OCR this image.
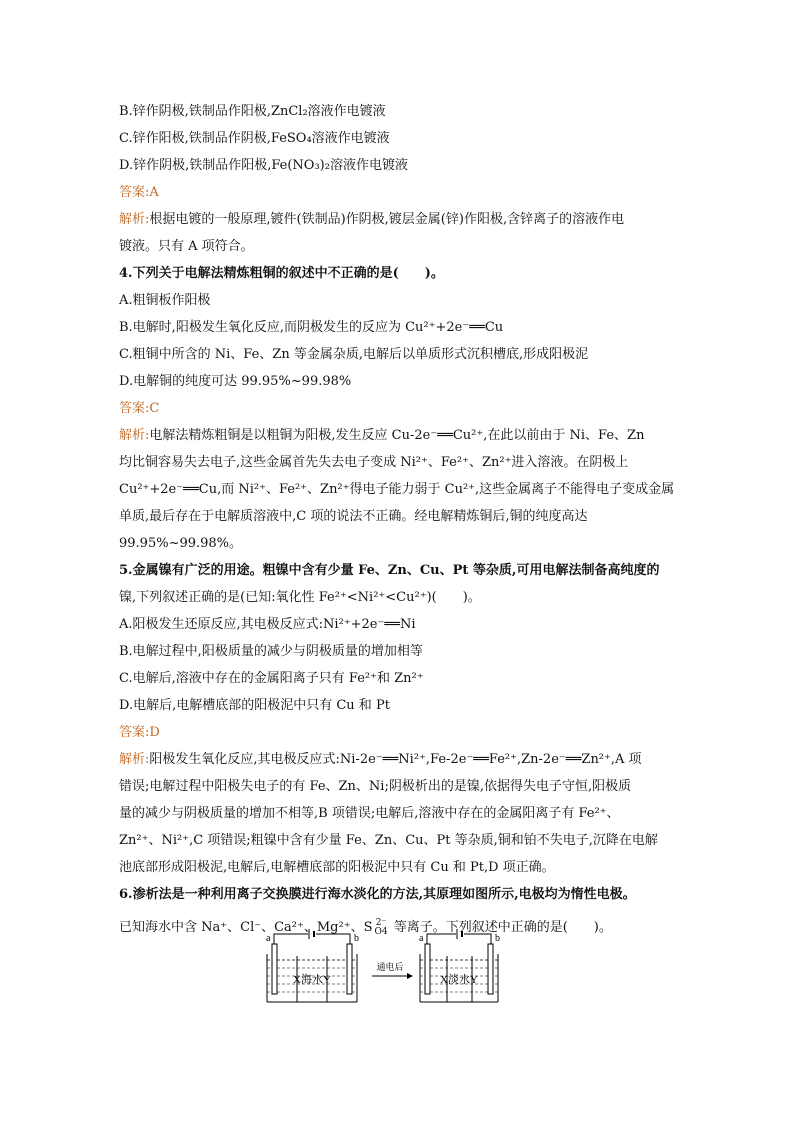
B.锌作阴极,铁制品作阳极,ZnCl₂溶液作电镀液
C.锌作阳极,铁制品作阴极,FeSO₄溶液作电镀液
D.锌作阴极,铁制品作阳极,Fe(NO₃)₂溶液作电镀液
答案:A
解析:根据电镀的一般原理,镀件(铁制品)作阴极,镀层金属(锌)作阳极,含锌离子的溶液作电
镀液。只有 A 项符合。
4.下列关于电解法精炼粗铜的叙述中不正确的是(　　)。
A.粗铜板作阳极
B.电解时,阳极发生氧化反应,而阴极发生的反应为 Cu²⁺+2e⁻══Cu
C.粗铜中所含的 Ni、Fe、Zn 等金属杂质,电解后以单质形式沉积槽底,形成阳极泥
D.电解铜的纯度可达 99.95%~99.98%
答案:C
解析:电解法精炼粗铜是以粗铜为阳极,发生反应 Cu-2e⁻══Cu²⁺,在此以前由于 Ni、Fe、Zn
均比铜容易失去电子,这些金属首先失去电子变成 Ni²⁺、Fe²⁺、Zn²⁺进入溶液。在阴极上
Cu²⁺+2e⁻══Cu,而 Ni²⁺、Fe²⁺、Zn²⁺得电子能力弱于 Cu²⁺,这些金属离子不能得电子变成金属
单质,最后存在于电解质溶液中,C 项的说法不正确。经电解精炼铜后,铜的纯度高达
99.95%~99.98%。
5.金属镍有广泛的用途。粗镍中含有少量 Fe、Zn、Cu、Pt 等杂质,可用电解法制备高纯度的
镍,下列叙述正确的是(已知:氧化性 Fe²⁺<Ni²⁺<Cu²⁺)(　　)。
A.阳极发生还原反应,其电极反应式:Ni²⁺+2e⁻══Ni
B.电解过程中,阳极质量的减少与阴极质量的增加相等
C.电解后,溶液中存在的金属阳离子只有 Fe²⁺和 Zn²⁺
D.电解后,电解槽底部的阳极泥中只有 Cu 和 Pt
答案:D
解析:阳极发生氧化反应,其电极反应式:Ni-2e⁻══Ni²⁺,Fe-2e⁻══Fe²⁺,Zn-2e⁻══Zn²⁺,A 项
错误;电解过程中阳极失电子的有 Fe、Zn、Ni;阴极析出的是镍,依据得失电子守恒,阳极质
量的减少与阴极质量的增加不相等,B 项错误;电解后,溶液中存在的金属阳离子有 Fe²⁺、
Zn²⁺、Ni²⁺,C 项错误;粗镍中含有少量 Fe、Zn、Cu、Pt 等杂质,铜和铂不失电子,沉降在电解
池底部形成阳极泥,电解后,电解槽底部的阳极泥中只有 Cu 和 Pt,D 项正确。
6.渗析法是一种利用离子交换膜进行海水淡化的方法,其原理如图所示,电极均为惰性电极。
已知海水中含 Na⁺、Cl⁻、Ca²⁺、Mg²⁺、S 2⁻
O4 等离子。下列叙述中正确的是(　　)。
a	b
X海水Y
通电后
a	b
X淡水Y
